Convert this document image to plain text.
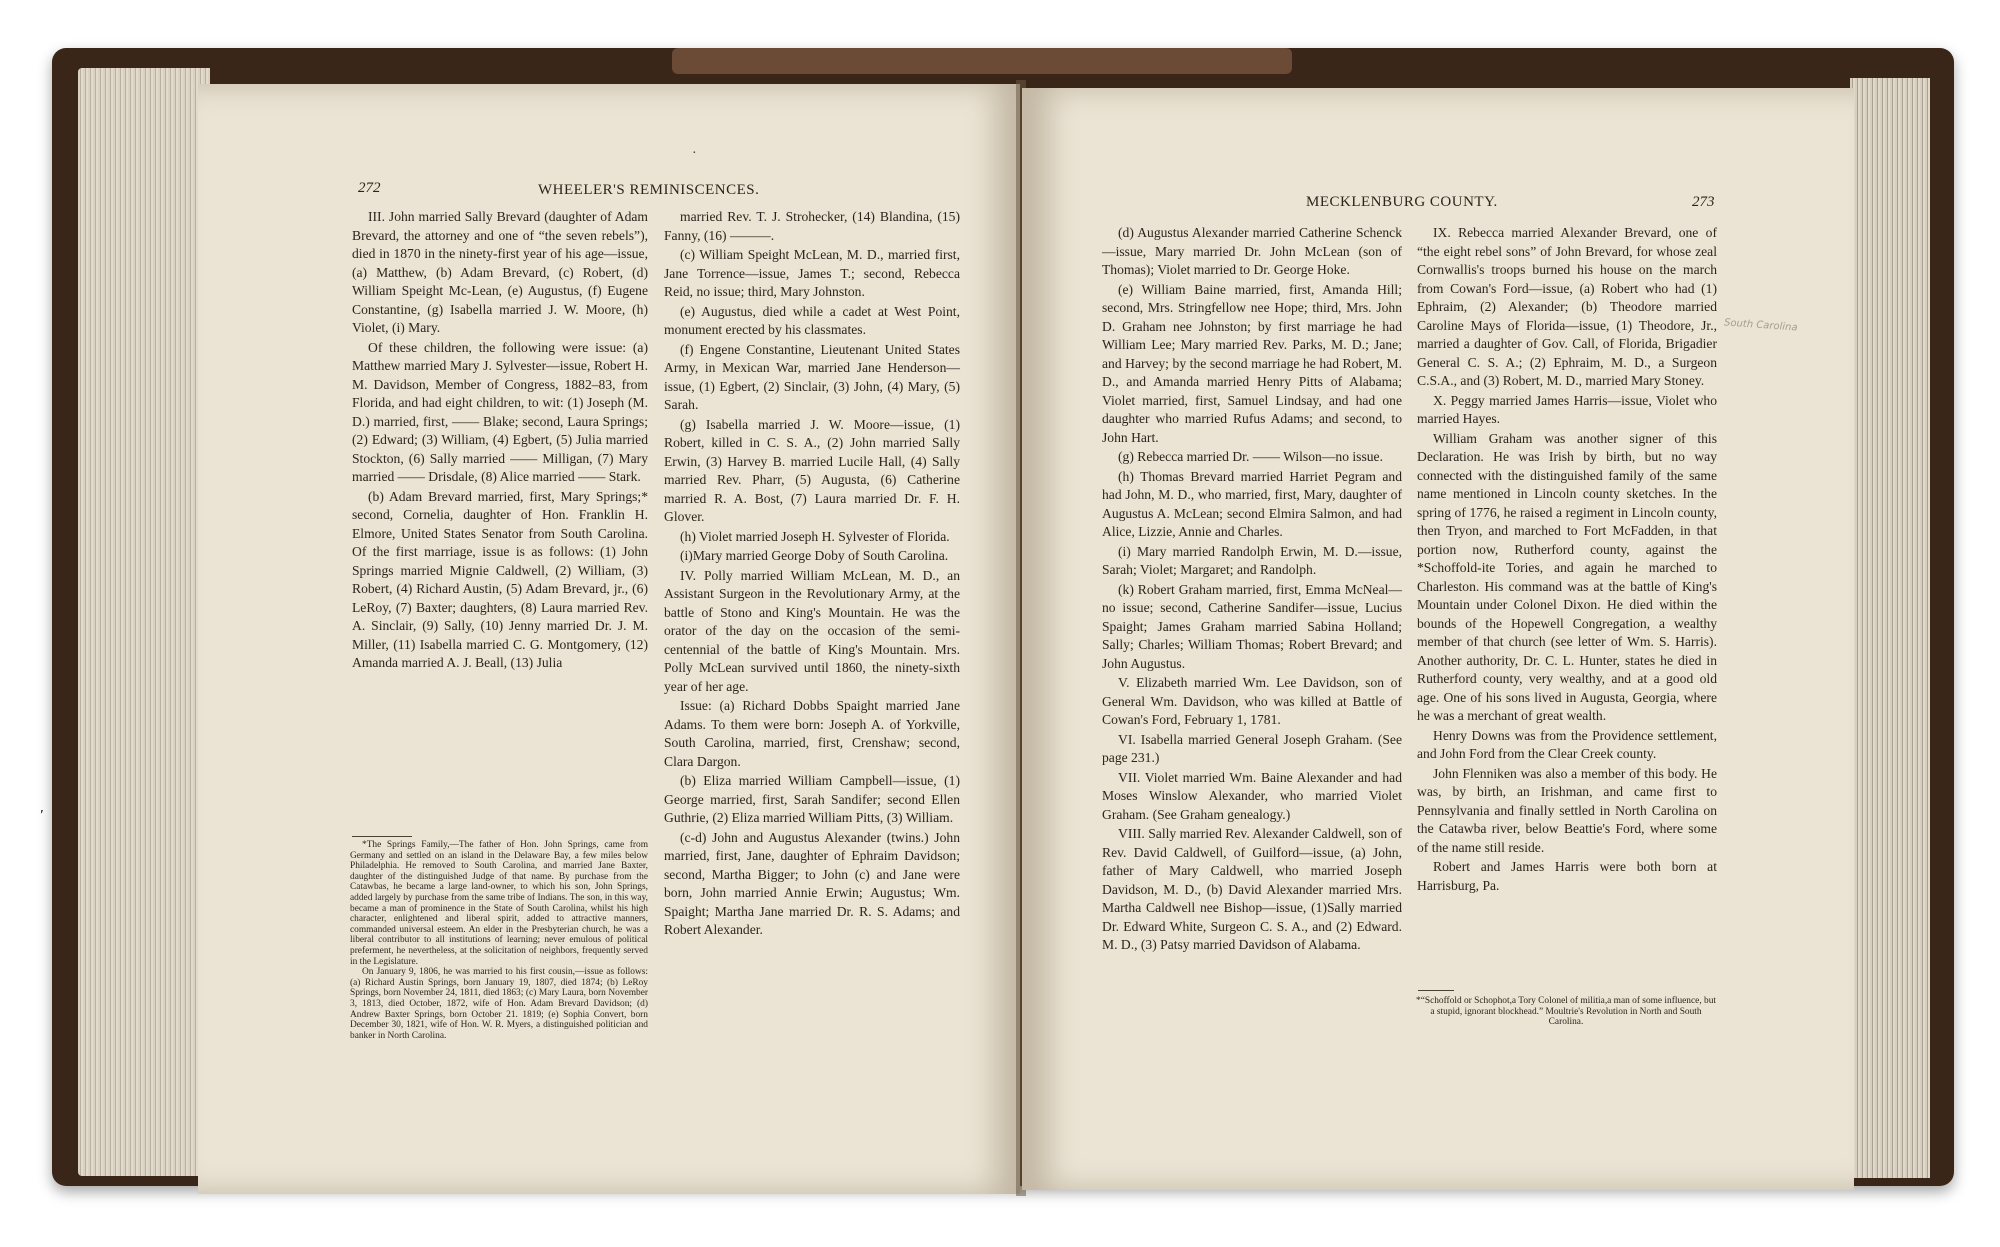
272	WHEELER'S REMINISCENCES.
·

III. John married Sally Brevard (daughter of Adam Brevard, the attorney and one of “the seven rebels”), died in 1870 in the ninety-first year of his age—issue, (a) Matthew, (b) Adam Brevard, (c) Robert, (d) William Speight Mc-Lean, (e) Augustus, (f) Eugene Constantine, (g) Isabella married J. W. Moore, (h) Violet, (i) Mary.

Of these children, the following were issue: (a) Matthew married Mary J. Sylvester—issue, Robert H. M. Davidson, Member of Congress, 1882–83, from Florida, and had eight children, to wit: (1) Joseph (M. D.) married, first, —— Blake; second, Laura Springs; (2) Edward; (3) William, (4) Egbert, (5) Julia married Stockton, (6) Sally married —— Milligan, (7) Mary married —— Drisdale, (8) Alice married —— Stark.

(b) Adam Brevard married, first, Mary Springs;* second, Cornelia, daughter of Hon. Franklin H. Elmore, United States Senator from South Carolina. Of the first marriage, issue is as follows: (1) John Springs married Mignie Caldwell, (2) William, (3) Robert, (4) Richard Austin, (5) Adam Brevard, jr., (6) LeRoy, (7) Baxter; daughters, (8) Laura married Rev. A. Sinclair, (9) Sally, (10) Jenny married Dr. J. M. Miller, (11) Isabella married C. G. Montgomery, (12) Amanda married A. J. Beall, (13) Julia

*The Springs Family,—The father of Hon. John Springs, came from Germany and settled on an island in the Delaware Bay, a few miles below Philadelphia. He removed to South Carolina, and married Jane Baxter, daughter of the distinguished Judge of that name. By purchase from the Catawbas, he became a large land-owner, to which his son, John Springs, added largely by purchase from the same tribe of Indians. The son, in this way, became a man of prominence in the State of South Carolina, whilst his high character, enlightened and liberal spirit, added to attractive manners, commanded universal esteem. An elder in the Presbyterian church, he was a liberal contributor to all institutions of learning; never emulous of political preferment, he nevertheless, at the solicitation of neighbors, frequently served in the Legislature.

On January 9, 1806, he was married to his first cousin,—issue as follows: (a) Richard Austin Springs, born January 19, 1807, died 1874; (b) LeRoy Springs, born November 24, 1811, died 1863; (c) Mary Laura, born November 3, 1813, died October, 1872, wife of Hon. Adam Brevard Davidson; (d) Andrew Baxter Springs, born October 21. 1819; (e) Sophia Convert, born December 30, 1821, wife of Hon. W. R. Myers, a distinguished politician and banker in North Carolina.

married Rev. T. J. Strohecker, (14) Blandina, (15) Fanny, (16) ———.

(c) William Speight McLean, M. D., married first, Jane Torrence—issue, James T.; second, Rebecca Reid, no issue; third, Mary Johnston.

(e) Augustus, died while a cadet at West Point, monument erected by his classmates.

(f) Engene Constantine, Lieutenant United States Army, in Mexican War, married Jane Henderson—issue, (1) Egbert, (2) Sinclair, (3) John, (4) Mary, (5) Sarah.

(g) Isabella married J. W. Moore—issue, (1) Robert, killed in C. S. A., (2) John married Sally Erwin, (3) Harvey B. married Lucile Hall, (4) Sally married Rev. Pharr, (5) Augusta, (6) Catherine married R. A. Bost, (7) Laura married Dr. F. H. Glover.

(h) Violet married Joseph H. Sylvester of Florida.

(i)Mary married George Doby of South Carolina.

IV. Polly married William McLean, M. D., an Assistant Surgeon in the Revolutionary Army, at the battle of Stono and King's Mountain. He was the orator of the day on the occasion of the semi-centennial of the battle of King's Mountain. Mrs. Polly McLean survived until 1860, the ninety-sixth year of her age.

Issue: (a) Richard Dobbs Spaight married Jane Adams. To them were born: Joseph A. of Yorkville, South Carolina, married, first, Crenshaw; second, Clara Dargon.

(b) Eliza married William Campbell—issue, (1) George married, first, Sarah Sandifer; second Ellen Guthrie, (2) Eliza married William Pitts, (3) William.

(c-d) John and Augustus Alexander (twins.) John married, first, Jane, daughter of Ephraim Davidson; second, Martha Bigger; to John (c) and Jane were born, John married Annie Erwin; Augustus; Wm. Spaight; Martha Jane married Dr. R. S. Adams; and Robert Alexander.

MECKLENBURG COUNTY.	273

(d) Augustus Alexander married Catherine Schenck—issue, Mary married Dr. John McLean (son of Thomas); Violet married to Dr. George Hoke.

(e) William Baine married, first, Amanda Hill; second, Mrs. Stringfellow nee Hope; third, Mrs. John D. Graham nee Johnston; by first marriage he had William Lee; Mary married Rev. Parks, M. D.; Jane; and Harvey; by the second marriage he had Robert, M. D., and Amanda married Henry Pitts of Alabama; Violet married, first, Samuel Lindsay, and had one daughter who married Rufus Adams; and second, to John Hart.

(g) Rebecca married Dr. —— Wilson—no issue.

(h) Thomas Brevard married Harriet Pegram and had John, M. D., who married, first, Mary, daughter of Augustus A. McLean; second Elmira Salmon, and had Alice, Lizzie, Annie and Charles.

(i) Mary married Randolph Erwin, M. D.—issue, Sarah; Violet; Margaret; and Randolph.

(k) Robert Graham married, first, Emma McNeal—no issue; second, Catherine Sandifer—issue, Lucius Spaight; James Graham married Sabina Holland; Sally; Charles; William Thomas; Robert Brevard; and John Augustus.

V. Elizabeth married Wm. Lee Davidson, son of General Wm. Davidson, who was killed at Battle of Cowan's Ford, February 1, 1781.

VI. Isabella married General Joseph Graham. (See page 231.)

VII. Violet married Wm. Baine Alexander and had Moses Winslow Alexander, who married Violet Graham. (See Graham genealogy.)

VIII. Sally married Rev. Alexander Caldwell, son of Rev. David Caldwell, of Guilford—issue, (a) John, father of Mary Caldwell, who married Joseph Davidson, M. D., (b) David Alexander married Mrs. Martha Caldwell nee Bishop—issue, (1)Sally married Dr. Edward White, Surgeon C. S. A., and (2) Edward. M. D., (3) Patsy married Davidson of Alabama.

IX. Rebecca married Alexander Brevard, one of “the eight rebel sons” of John Brevard, for whose zeal Cornwallis's troops burned his house on the march from Cowan's Ford—issue, (a) Robert who had (1) Ephraim, (2) Alexander; (b) Theodore married Caroline Mays of Florida—issue, (1) Theodore, Jr., married a daughter of Gov. Call, of Florida, Brigadier General C. S. A.; (2) Ephraim, M. D., a Surgeon C.S.A., and (3) Robert, M. D., married Mary Stoney.

X. Peggy married James Harris—issue, Violet who married Hayes.

William Graham was another signer of this Declaration. He was Irish by birth, but no way connected with the distinguished family of the same name mentioned in Lincoln county sketches. In the spring of 1776, he raised a regiment in Lincoln county, then Tryon, and marched to Fort McFadden, in that portion now, Rutherford county, against the *Schoffold-ite Tories, and again he marched to Charleston. His command was at the battle of King's Mountain under Colonel Dixon. He died within the bounds of the Hopewell Congregation, a wealthy member of that church (see letter of Wm. S. Harris). Another authority, Dr. C. L. Hunter, states he died in Rutherford county, very wealthy, and at a good old age. One of his sons lived in Augusta, Georgia, where he was a merchant of great wealth.

Henry Downs was from the Providence settlement, and John Ford from the Clear Creek county.

John Flenniken was also a member of this body. He was, by birth, an Irishman, and came first to Pennsylvania and finally settled in North Carolina on the Catawba river, below Beattie's Ford, where some of the name still reside.

Robert and James Harris were both born at Harrisburg, Pa.

*“Schoffold or Schophot,a Tory Colonel of militia,a man of some influence, but a stupid, ignorant blockhead.” Moultrie's Revolution in North and South Carolina.
South Carolina
′
